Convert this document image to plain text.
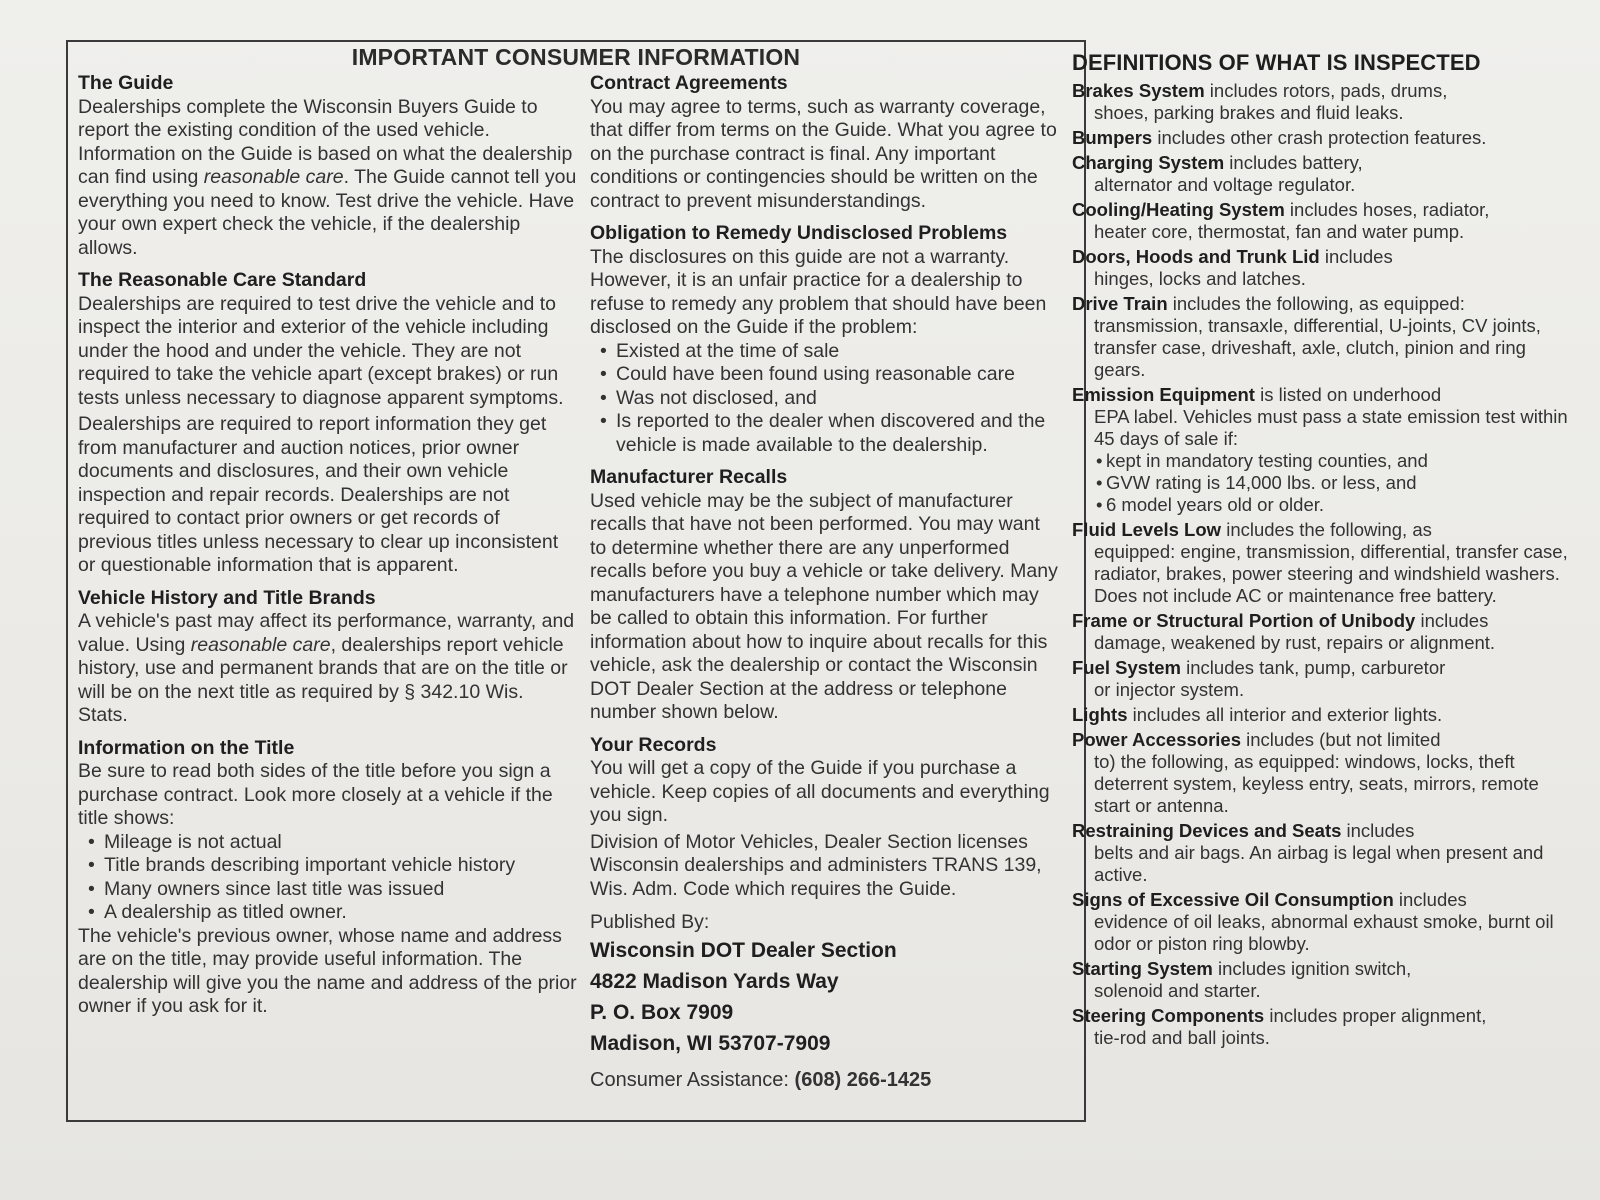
IMPORTANT CONSUMER INFORMATION
The Guide
Dealerships complete the Wisconsin Buyers Guide to report the existing condition of the used vehicle. Information on the Guide is based on what the dealership can find using reasonable care. The Guide cannot tell you everything you need to know. Test drive the vehicle. Have your own expert check the vehicle, if the dealership allows.
The Reasonable Care Standard
Dealerships are required to test drive the vehicle and to inspect the interior and exterior of the vehicle including under the hood and under the vehicle. They are not required to take the vehicle apart (except brakes) or run tests unless necessary to diagnose apparent symptoms.
Dealerships are required to report information they get from manufacturer and auction notices, prior owner documents and disclosures, and their own vehicle inspection and repair records. Dealerships are not required to contact prior owners or get records of previous titles unless necessary to clear up inconsistent or questionable information that is apparent.
Vehicle History and Title Brands
A vehicle's past may affect its performance, warranty, and value. Using reasonable care, dealerships report vehicle history, use and permanent brands that are on the title or will be on the next title as required by § 342.10 Wis. Stats.
Information on the Title
Be sure to read both sides of the title before you sign a purchase contract. Look more closely at a vehicle if the title shows:
• Mileage is not actual
• Title brands describing important vehicle history
• Many owners since last title was issued
• A dealership as titled owner.
The vehicle's previous owner, whose name and address are on the title, may provide useful information. The dealership will give you the name and address of the prior owner if you ask for it.
Contract Agreements
You may agree to terms, such as warranty coverage, that differ from terms on the Guide. What you agree to on the purchase contract is final. Any important conditions or contingencies should be written on the contract to prevent misunderstandings.
Obligation to Remedy Undisclosed Problems
The disclosures on this guide are not a warranty. However, it is an unfair practice for a dealership to refuse to remedy any problem that should have been disclosed on the Guide if the problem:
• Existed at the time of sale
• Could have been found using reasonable care
• Was not disclosed, and
• Is reported to the dealer when discovered and the vehicle is made available to the dealership.
Manufacturer Recalls
Used vehicle may be the subject of manufacturer recalls that have not been performed. You may want to determine whether there are any unperformed recalls before you buy a vehicle or take delivery. Many manufacturers have a telephone number which may be called to obtain this information. For further information about how to inquire about recalls for this vehicle, ask the dealership or contact the Wisconsin DOT Dealer Section at the address or telephone number shown below.
Your Records
You will get a copy of the Guide if you purchase a vehicle. Keep copies of all documents and everything you sign.
Division of Motor Vehicles, Dealer Section licenses Wisconsin dealerships and administers TRANS 139, Wis. Adm. Code which requires the Guide.
Published By:
Wisconsin DOT Dealer Section
4822 Madison Yards Way
P. O. Box 7909
Madison, WI 53707-7909
Consumer Assistance: (608) 266-1425
DEFINITIONS OF WHAT IS INSPECTED
Brakes System includes rotors, pads, drums,
shoes, parking brakes and fluid leaks.
Bumpers includes other crash protection features.
Charging System includes battery,
alternator and voltage regulator.
Cooling/Heating System includes hoses, radiator,
heater core, thermostat, fan and water pump.
Doors, Hoods and Trunk Lid includes
hinges, locks and latches.
Drive Train includes the following, as equipped:
transmission, transaxle, differential, U-joints, CV joints, transfer case, driveshaft, axle, clutch, pinion and ring gears.
Emission Equipment is listed on underhood
EPA label. Vehicles must pass a state emission test within 45 days of sale if:
• kept in mandatory testing counties, and
• GVW rating is 14,000 lbs. or less, and
• 6 model years old or older.
Fluid Levels Low includes the following, as
equipped: engine, transmission, differential, transfer case, radiator, brakes, power steering and windshield washers. Does not include AC or maintenance free battery.
Frame or Structural Portion of Unibody includes
damage, weakened by rust, repairs or alignment.
Fuel System includes tank, pump, carburetor
or injector system.
Lights includes all interior and exterior lights.
Power Accessories includes (but not limited
to) the following, as equipped: windows, locks, theft deterrent system, keyless entry, seats, mirrors, remote start or antenna.
Restraining Devices and Seats includes
belts and air bags. An airbag is legal when present and active.
Signs of Excessive Oil Consumption includes
evidence of oil leaks, abnormal exhaust smoke, burnt oil odor or piston ring blowby.
Starting System includes ignition switch,
solenoid and starter.
Steering Components includes proper alignment,
tie-rod and ball joints.
